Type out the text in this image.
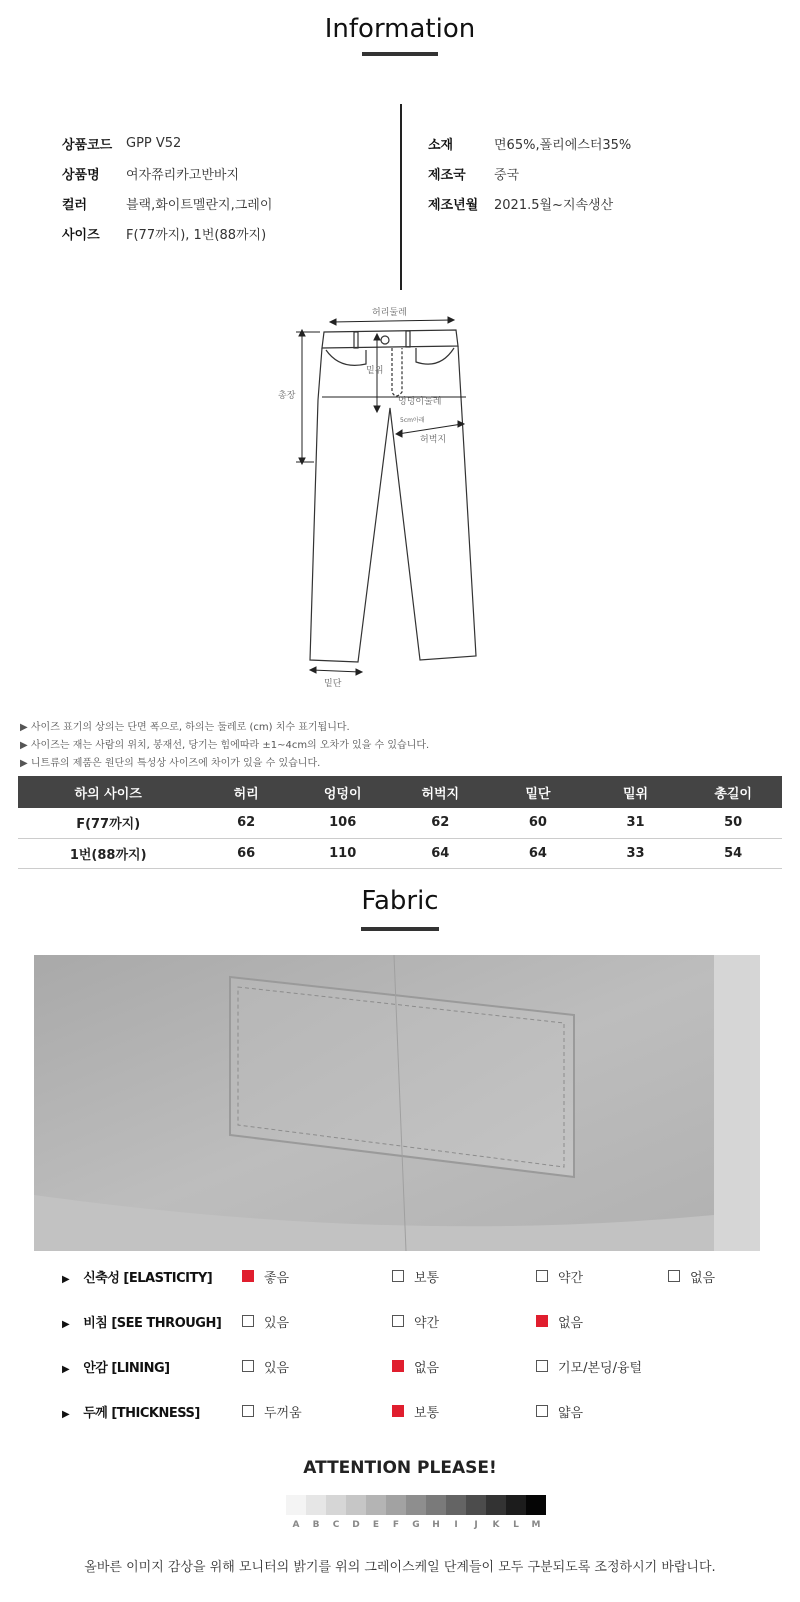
Information
상품코드	GPP V52
상품명	여자쮸리카고반바지
컬러	블랙,화이트멜란지,그레이
사이즈	F(77까지), 1번(88까지)
소재	면65%,폴리에스터35%
제조국	중국
제조년월	2021.5월~지속생산
허리둘레
총장
밑위
엉덩이둘레
5cm아래
허벅지
밑단
▶ 사이즈 표기의 상의는 단면 폭으로, 하의는 둘레로 (cm) 치수 표기됩니다.
▶ 사이즈는 재는 사람의 위치, 봉재선, 당기는 힘에따라 ±1~4cm의 오차가 있을 수 있습니다.
▶ 니트류의 제품은 원단의 특성상 사이즈에 차이가 있을 수 있습니다.
하의 사이즈	허리	엉덩이	허벅지	밑단	밑위	총길이
F(77까지)	62	106	62	60	31	50
1번(88까지)	66	110	64	64	33	54
Fabric
▶ 신축성 [ELASTICITY]	좋음	보통	약간	없음
▶ 비침 [SEE THROUGH]	있음	약간	없음
▶ 안감 [LINING]	있음	없음	기모/본딩/융털
▶ 두께 [THICKNESS]	두꺼움	보통	얇음
ATTENTION PLEASE!
A	B	C	D	E	F	G	H	I	J	K	L	M
올바른 이미지 감상을 위해 모니터의 밝기를 위의 그레이스케일 단계들이 모두 구분되도록 조정하시기 바랍니다.
